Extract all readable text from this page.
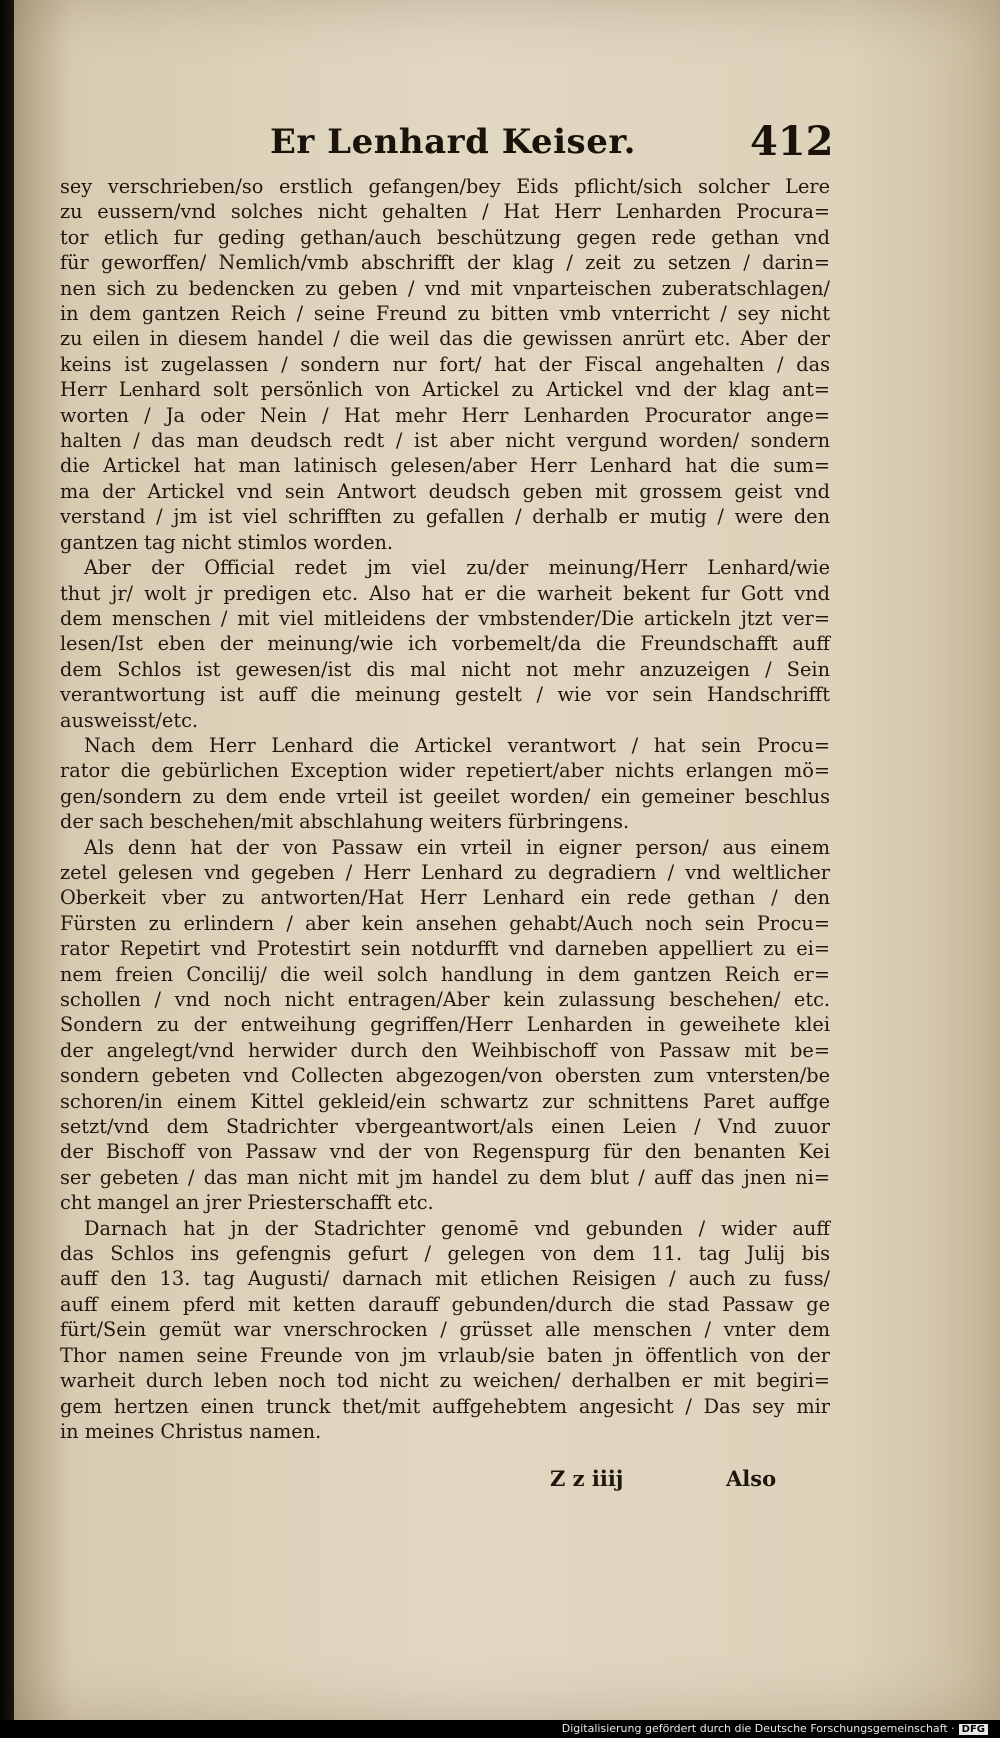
Er Lenhard Keiser.	412
sey verschrieben/so erstlich gefangen/bey Eids pflicht/sich solcher Lere
zu eussern/vnd solches nicht gehalten / Hat Herr Lenharden Procura=
tor etlich fur geding gethan/auch beschützung gegen rede gethan vnd
für geworffen/ Nemlich/vmb abschrifft der klag / zeit zu setzen / darin=
nen sich zu bedencken zu geben / vnd mit vnparteischen zuberatschlagen/
in dem gantzen Reich / seine Freund zu bitten vmb vnterricht / sey nicht
zu eilen in diesem handel / die weil das die gewissen anrürt etc. Aber der
keins ist zugelassen / sondern nur fort/ hat der Fiscal angehalten / das
Herr Lenhard solt persönlich von Artickel zu Artickel vnd der klag ant=
worten / Ja oder Nein / Hat mehr Herr Lenharden Procurator ange=
halten / das man deudsch redt / ist aber nicht vergund worden/ sondern
die Artickel hat man latinisch gelesen/aber Herr Lenhard hat die sum=
ma der Artickel vnd sein Antwort deudsch geben mit grossem geist vnd
verstand / jm ist viel schrifften zu gefallen / derhalb er mutig / were den
gantzen tag nicht stimlos worden.
Aber der Official redet jm viel zu/der meinung/Herr Lenhard/wie
thut jr/ wolt jr predigen etc. Also hat er die warheit bekent fur Gott vnd
dem menschen / mit viel mitleidens der vmbstender/Die artickeln jtzt ver=
lesen/Ist eben der meinung/wie ich vorbemelt/da die Freundschafft auff
dem Schlos ist gewesen/ist dis mal nicht not mehr anzuzeigen / Sein
verantwortung ist auff die meinung gestelt / wie vor sein Handschrifft
ausweisst/etc.
Nach dem Herr Lenhard die Artickel verantwort / hat sein Procu=
rator die gebürlichen Exception wider repetiert/aber nichts erlangen mö=
gen/sondern zu dem ende vrteil ist geeilet worden/ ein gemeiner beschlus
der sach beschehen/mit abschlahung weiters fürbringens.
Als denn hat der von Passaw ein vrteil in eigner person/ aus einem
zetel gelesen vnd gegeben / Herr Lenhard zu degradiern / vnd weltlicher
Oberkeit vber zu antworten/Hat Herr Lenhard ein rede gethan / den
Fürsten zu erlindern / aber kein ansehen gehabt/Auch noch sein Procu=
rator Repetirt vnd Protestirt sein notdurfft vnd darneben appelliert zu ei=
nem freien Concilij/ die weil solch handlung in dem gantzen Reich er=
schollen / vnd noch nicht entragen/Aber kein zulassung beschehen/ etc.
Sondern zu der entweihung gegriffen/Herr Lenharden in geweihete klei
der angelegt/vnd herwider durch den Weihbischoff von Passaw mit be=
sondern gebeten vnd Collecten abgezogen/von obersten zum vntersten/be
schoren/in einem Kittel gekleid/ein schwartz zur schnittens Paret auffge
setzt/vnd dem Stadrichter vbergeantwort/als einen Leien / Vnd zuuor
der Bischoff von Passaw vnd der von Regenspurg für den benanten Kei
ser gebeten / das man nicht mit jm handel zu dem blut / auff das jnen ni=
cht mangel an jrer Priesterschafft etc.
Darnach hat jn der Stadrichter genomē vnd gebunden / wider auff
das Schlos ins gefengnis gefurt / gelegen von dem 11. tag Julij bis
auff den 13. tag Augusti/ darnach mit etlichen Reisigen / auch zu fuss/
auff einem pferd mit ketten darauff gebunden/durch die stad Passaw ge
fürt/Sein gemüt war vnerschrocken / grüsset alle menschen / vnter dem
Thor namen seine Freunde von jm vrlaub/sie baten jn öffentlich von der
warheit durch leben noch tod nicht zu weichen/ derhalben er mit begiri=
gem hertzen einen trunck thet/mit auffgehebtem angesicht / Das sey mir
in meines Christus namen.
Z z iiij	Also
Digitalisierung gefördert durch die Deutsche Forschungsgemeinschaft · DFG
